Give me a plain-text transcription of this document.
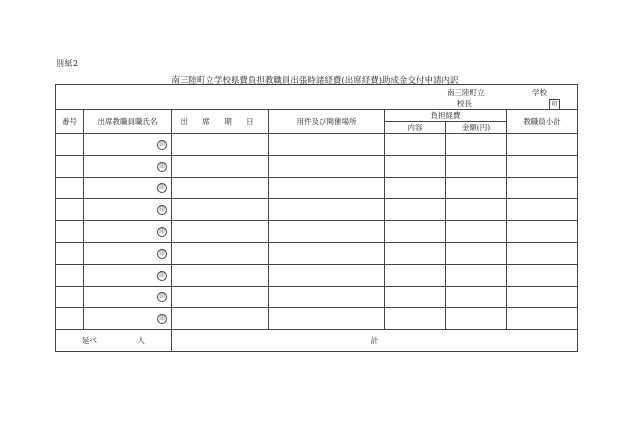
別紙2
南三陸町立学校県費負担教職員出張時諸経費(出席経費)助成金交付申請内訳
南三陸町立 学校
校長 印						

番号	出席教職員職氏名	出 席 期 日	用件及び開催場所	負担経費		教職員小計
				内容	金額(円)	
	印					
	印					
	印					
	印					
	印					
	印					
	印					
	印					
	印					
延べ 人		計				
